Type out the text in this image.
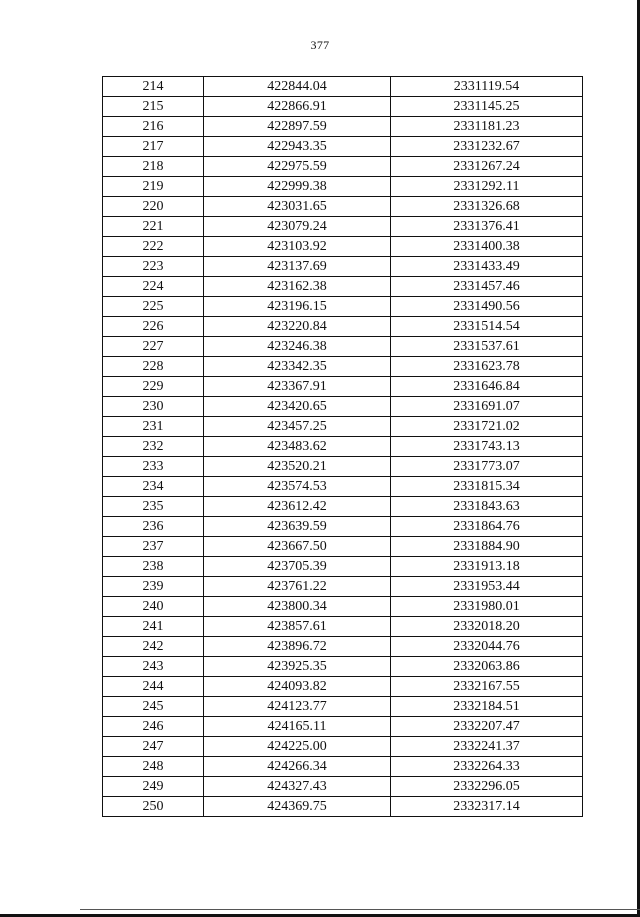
377
214	422844.04	2331119.54
215	422866.91	2331145.25
216	422897.59	2331181.23
217	422943.35	2331232.67
218	422975.59	2331267.24
219	422999.38	2331292.11
220	423031.65	2331326.68
221	423079.24	2331376.41
222	423103.92	2331400.38
223	423137.69	2331433.49
224	423162.38	2331457.46
225	423196.15	2331490.56
226	423220.84	2331514.54
227	423246.38	2331537.61
228	423342.35	2331623.78
229	423367.91	2331646.84
230	423420.65	2331691.07
231	423457.25	2331721.02
232	423483.62	2331743.13
233	423520.21	2331773.07
234	423574.53	2331815.34
235	423612.42	2331843.63
236	423639.59	2331864.76
237	423667.50	2331884.90
238	423705.39	2331913.18
239	423761.22	2331953.44
240	423800.34	2331980.01
241	423857.61	2332018.20
242	423896.72	2332044.76
243	423925.35	2332063.86
244	424093.82	2332167.55
245	424123.77	2332184.51
246	424165.11	2332207.47
247	424225.00	2332241.37
248	424266.34	2332264.33
249	424327.43	2332296.05
250	424369.75	2332317.14
